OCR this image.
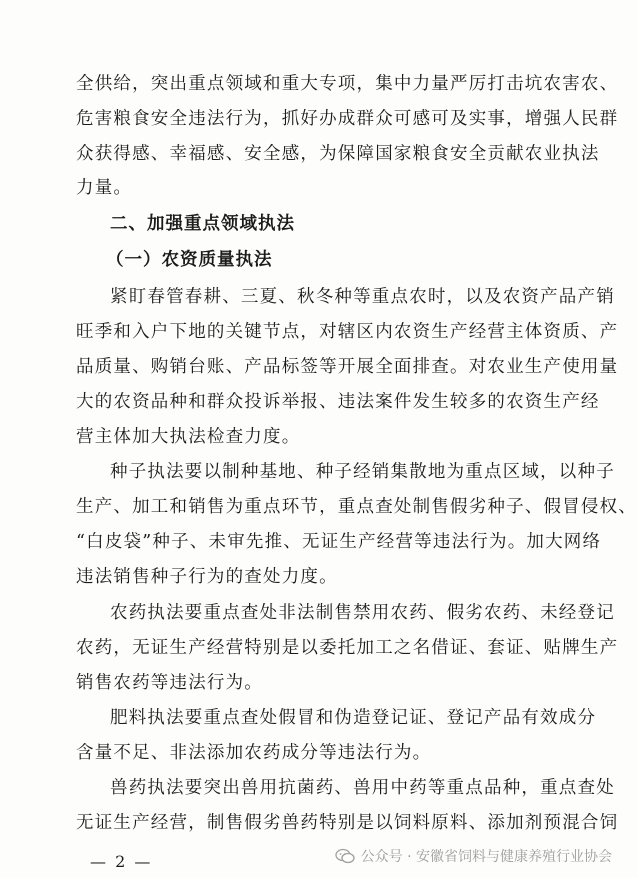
全供给，突出重点领域和重大专项，集中力量严厉打击坑农害农、
危害粮食安全违法行为，抓好办成群众可感可及实事，增强人民群
众获得感、幸福感、安全感，为保障国家粮食安全贡献农业执法
力量。
二、加强重点领域执法
（一）农资质量执法
紧盯春管春耕、三夏、秋冬种等重点农时，以及农资产品产销
旺季和入户下地的关键节点，对辖区内农资生产经营主体资质、产
品质量、购销台账、产品标签等开展全面排查。对农业生产使用量
大的农资品种和群众投诉举报、违法案件发生较多的农资生产经
营主体加大执法检查力度。
种子执法要以制种基地、种子经销集散地为重点区域，以种子
生产、加工和销售为重点环节，重点查处制售假劣种子、假冒侵权、
“白皮袋”种子、未审先推、无证生产经营等违法行为。加大网络
违法销售种子行为的查处力度。
农药执法要重点查处非法制售禁用农药、假劣农药、未经登记
农药，无证生产经营特别是以委托加工之名借证、套证、贴牌生产
销售农药等违法行为。
肥料执法要重点查处假冒和伪造登记证、登记产品有效成分
含量不足、非法添加农药成分等违法行为。
兽药执法要突出兽用抗菌药、兽用中药等重点品种，重点查处
无证生产经营，制售假劣兽药特别是以饲料原料、添加剂预混合饲
— 2 —	公众号 · 安徽省饲料与健康养殖行业协会
